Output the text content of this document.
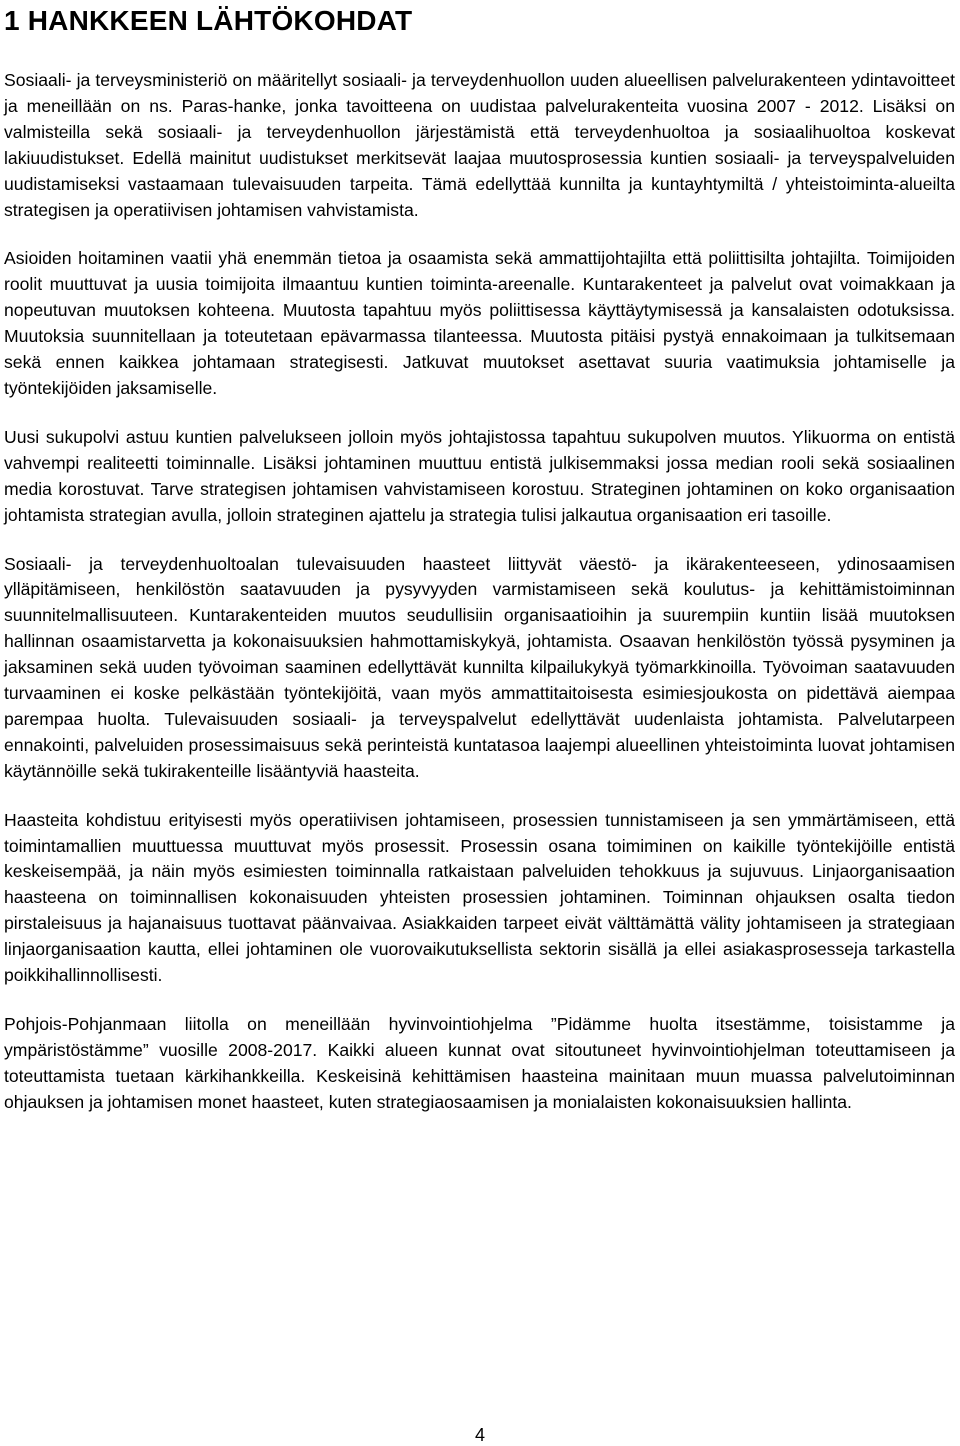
1 HANKKEEN LÄHTÖKOHDAT

Sosiaali- ja terveysministeriö on määritellyt sosiaali- ja terveydenhuollon uuden alueellisen palvelurakenteen ydintavoitteet ja meneillään on ns. Paras-hanke, jonka tavoitteena on uudistaa palvelurakenteita vuosina 2007 - 2012. Lisäksi on valmisteilla sekä sosiaali- ja terveydenhuollon järjestämistä että terveydenhuoltoa ja sosiaalihuoltoa koskevat lakiuudistukset. Edellä mainitut uudistukset merkitsevät laajaa muutosprosessia kuntien sosiaali- ja terveyspalveluiden uudistamiseksi vastaamaan tulevaisuuden tarpeita. Tämä edellyttää kunnilta ja kuntayhtymiltä / yhteistoiminta-alueilta strategisen ja operatiivisen johtamisen vahvistamista.

Asioiden hoitaminen vaatii yhä enemmän tietoa ja osaamista sekä ammattijohtajilta että poliittisilta johtajilta. Toimijoiden roolit muuttuvat ja uusia toimijoita ilmaantuu kuntien toiminta-areenalle. Kuntarakenteet ja palvelut ovat voimakkaan ja nopeutuvan muutoksen kohteena. Muutosta tapahtuu myös poliittisessa käyttäytymisessä ja kansalaisten odotuksissa. Muutoksia suunnitellaan ja toteutetaan epävarmassa tilanteessa. Muutosta pitäisi pystyä ennakoimaan ja tulkitsemaan sekä ennen kaikkea johtamaan strategisesti. Jatkuvat muutokset asettavat suuria vaatimuksia johtamiselle ja työntekijöiden jaksamiselle.

Uusi sukupolvi astuu kuntien palvelukseen jolloin myös johtajistossa tapahtuu sukupolven muutos. Ylikuorma on entistä vahvempi realiteetti toiminnalle. Lisäksi johtaminen muuttuu entistä julkisemmaksi jossa median rooli sekä sosiaalinen media korostuvat. Tarve strategisen johtamisen vahvistamiseen korostuu. Strateginen johtaminen on koko organisaation johtamista strategian avulla, jolloin strateginen ajattelu ja strategia tulisi jalkautua organisaation eri tasoille.

Sosiaali- ja terveydenhuoltoalan tulevaisuuden haasteet liittyvät väestö- ja ikärakenteeseen, ydinosaamisen ylläpitämiseen, henkilöstön saatavuuden ja pysyvyyden varmistamiseen sekä koulutus- ja kehittämistoiminnan suunnitelmallisuuteen. Kuntarakenteiden muutos seudullisiin organisaatioihin ja suurempiin kuntiin lisää muutoksen hallinnan osaamistarvetta ja kokonaisuuksien hahmottamiskykyä, johtamista. Osaavan henkilöstön työssä pysyminen ja jaksaminen sekä uuden työvoiman saaminen edellyttävät kunnilta kilpailukykyä työmarkkinoilla. Työvoiman saatavuuden turvaaminen ei koske pelkästään työntekijöitä, vaan myös ammattitaitoisesta esimiesjoukosta on pidettävä aiempaa parempaa huolta. Tulevaisuuden sosiaali- ja terveyspalvelut edellyttävät uudenlaista johtamista. Palvelutarpeen ennakointi, palveluiden prosessimaisuus sekä perinteistä kuntatasoa laajempi alueellinen yhteistoiminta luovat johtamisen käytännöille sekä tukirakenteille lisääntyviä haasteita.

Haasteita kohdistuu erityisesti myös operatiivisen johtamiseen, prosessien tunnistamiseen ja sen ymmärtämiseen, että toimintamallien muuttuessa muuttuvat myös prosessit. Prosessin osana toimiminen on kaikille työntekijöille entistä keskeisempää, ja näin myös esimiesten toiminnalla ratkaistaan palveluiden tehokkuus ja sujuvuus. Linjaorganisaation haasteena on toiminnallisen kokonaisuuden yhteisten prosessien johtaminen. Toiminnan ohjauksen osalta tiedon pirstaleisuus ja hajanaisuus tuottavat päänvaivaa. Asiakkaiden tarpeet eivät välttämättä välity johtamiseen ja strategiaan linjaorganisaation kautta, ellei johtaminen ole vuorovaikutuksellista sektorin sisällä ja ellei asiakasprosesseja tarkastella poikkihallinnollisesti.

Pohjois-Pohjanmaan liitolla on meneillään hyvinvointiohjelma ”Pidämme huolta itsestämme, toisistamme ja ympäristöstämme” vuosille 2008-2017. Kaikki alueen kunnat ovat sitoutuneet hyvinvointiohjelman toteuttamiseen ja toteuttamista tuetaan kärkihankkeilla. Keskeisinä kehittämisen haasteina mainitaan muun muassa palvelutoiminnan ohjauksen ja johtamisen monet haasteet, kuten strategiaosaamisen ja monialaisten kokonaisuuksien hallinta.

4
